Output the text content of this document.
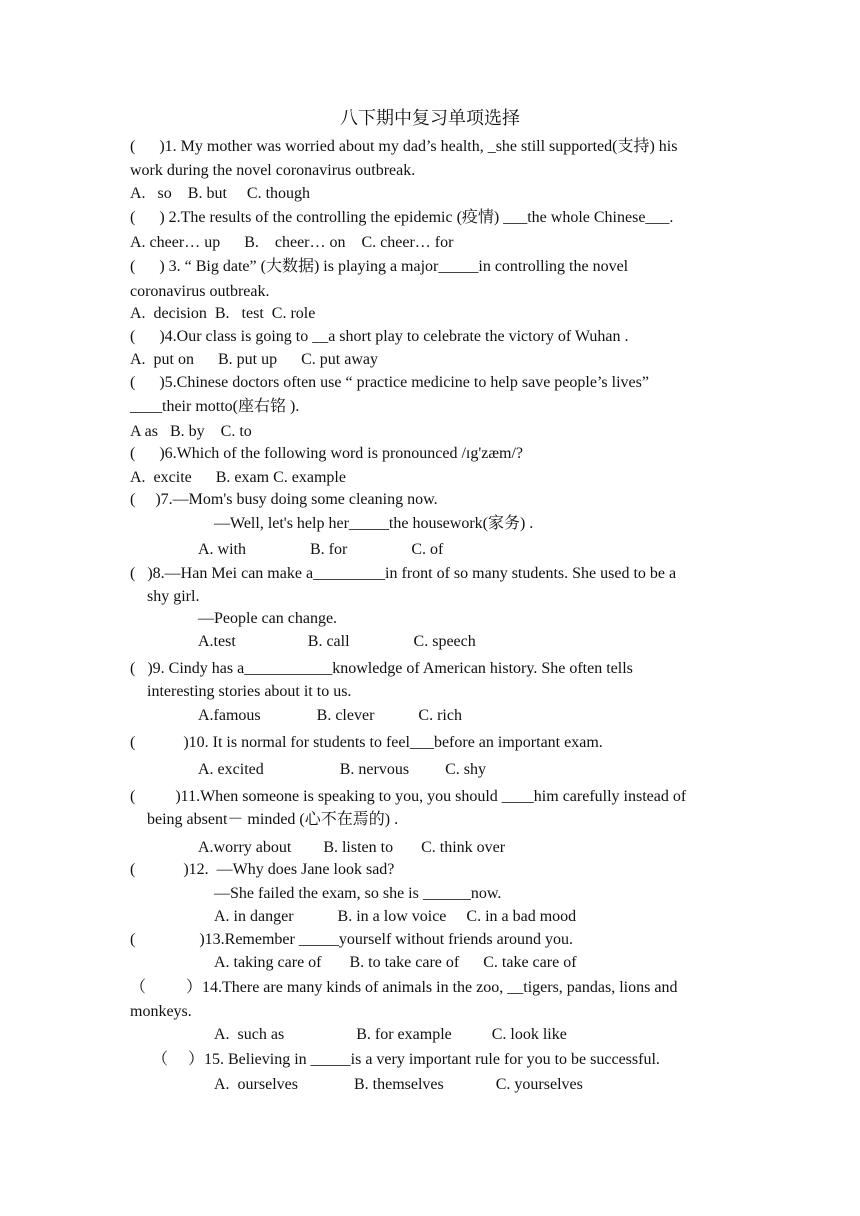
八下期中复习单项选择
(      )1. My mother was worried about my dad’s health, _she still supported(支持) his
work during the novel coronavirus outbreak.
A.   so    B. but     C. though
(      ) 2.The results of the controlling the epidemic (疫情) ___the whole Chinese___.
A. cheer… up      B.    cheer… on    C. cheer… for
(      ) 3. “ Big date” (大数据) is playing a major_____in controlling the novel
coronavirus outbreak.
A.  decision  B.   test  C. role
(      )4.Our class is going to __a short play to celebrate the victory of Wuhan .
A.  put on      B. put up      C. put away
(      )5.Chinese doctors often use “ practice medicine to help save people’s lives”
____their motto(座右铭 ).
A as   B. by    C. to
(      )6.Which of the following word is pronounced /ɪg'zæm/?
A.  excite      B. exam C. example
(     )7.—Mom's busy doing some cleaning now.
—Well, let's help her_____the housework(家务) .
A. with                B. for                C. of
(   )8.—Han Mei can make a_________in front of so many students. She used to be a
shy girl.
—People can change.
A.test                  B. call                C. speech
(   )9. Cindy has a___________knowledge of American history. She often tells
interesting stories about it to us.
A.famous              B. clever           C. rich
(            )10. It is normal for students to feel___before an important exam.
A. excited                   B. nervous         C. shy
(          )11.When someone is speaking to you, you should ____him carefully instead of
being absent－ minded (心不在焉的) .
A.worry about        B. listen to       C. think over
(            )12.  —Why does Jane look sad?
—She failed the exam, so she is ______now.
A. in danger           B. in a low voice     C. in a bad mood
(                )13.Remember _____yourself without friends around you.
A. taking care of       B. to take care of      C. take care of
（          ）14.There are many kinds of animals in the zoo, __tigers, pandas, lions and
monkeys.
A.  such as                  B. for example          C. look like
（     ）15. Believing in _____is a very important rule for you to be successful.
A.  ourselves              B. themselves             C. yourselves
